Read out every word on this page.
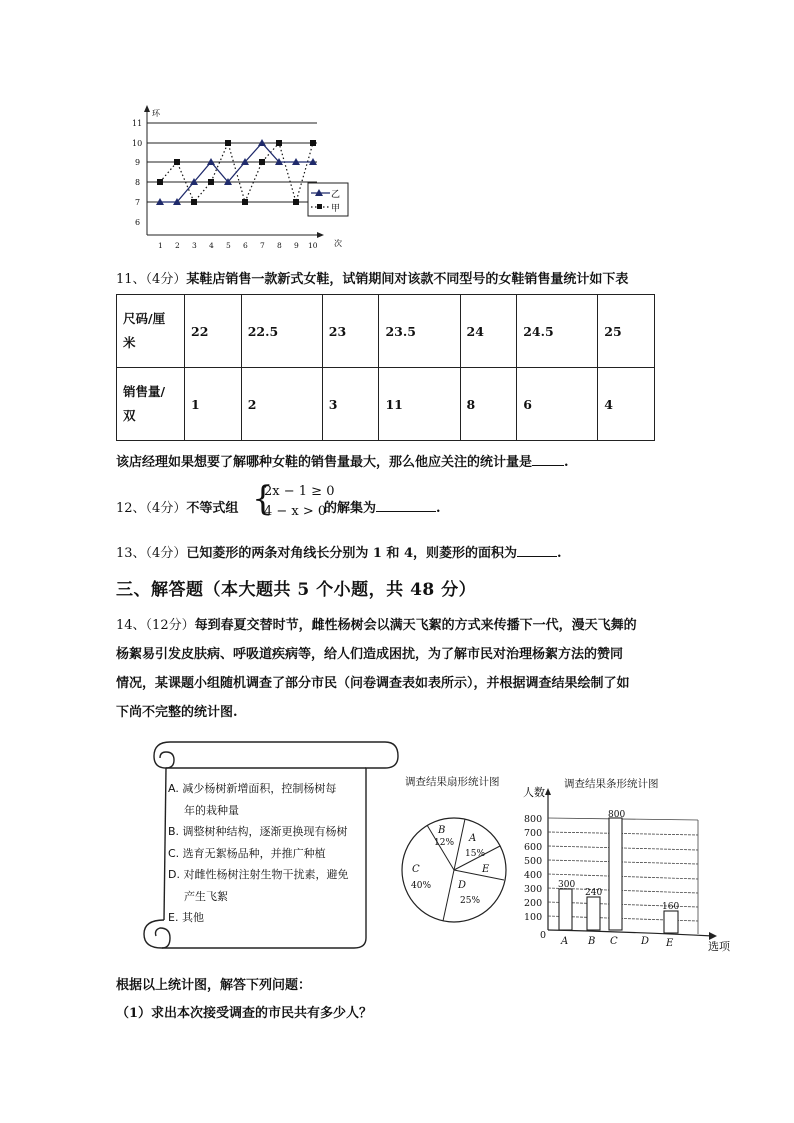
11
10
9
8
7
6
环
次
1 2 3 4 5 6 7 8 9 10
乙
甲
11、（4分）某鞋店销售一款新式女鞋，试销期间对该款不同型号的女鞋销售量统计如下表
尺码/厘
米	22	22.5	23	23.5	24	24.5	25
销售量/
双	1	2	3	11	8	6	4
该店经理如果想要了解哪种女鞋的销售量最大，那么他应关注的统计量是 .
12、（4分）不等式组 {
2x − 1 ≥ 0
4 − x > 0
的解集为	.
13、（4分）已知菱形的两条对角线长分别为 1 和 4，则菱形的面积为	.
三、解答题（本大题共 5 个小题，共 48 分）
14、（12分）每到春夏交替时节，雌性杨树会以满天飞絮的方式来传播下一代，漫天飞舞的
杨絮易引发皮肤病、呼吸道疾病等，给人们造成困扰，为了解市民对治理杨絮方法的赞同
情况，某课题小组随机调查了部分市民（问卷调查表如表所示），并根据调查结果绘制了如
下尚不完整的统计图.
A. 减少杨树新增面积，控制杨树每
年的栽种量
B. 调整树种结构，逐渐更换现有杨树
C. 选育无絮杨品种，并推广种植
D. 对雌性杨树注射生物干扰素，避免
产生飞絮
E. 其他
调查结果扇形统计图
B
A
E
C
D
12%
15%
40%
25%
调查结果条形统计图
人数
800
700
600
500
400
300
200
100
0
300
240
800
160
A B C D E	选项
根据以上统计图，解答下列问题：
（1）求出本次接受调查的市民共有多少人？
